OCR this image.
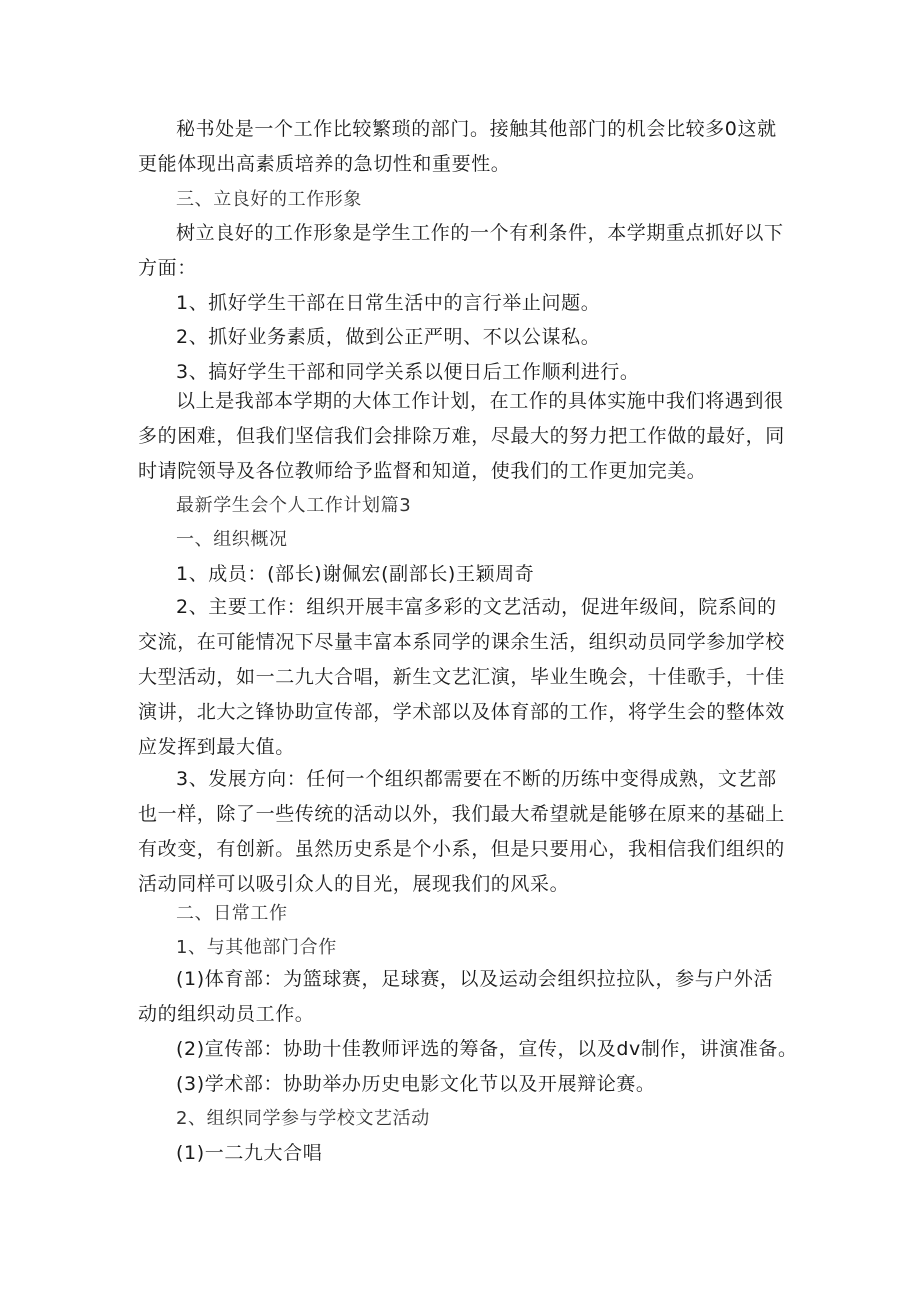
秘书处是一个工作比较繁琐的部门。接触其他部门的机会比较多0这就更能体现出高素质培养的急切性和重要性。

三、立良好的工作形象

树立良好的工作形象是学生工作的一个有利条件，本学期重点抓好以下方面：

1、抓好学生干部在日常生活中的言行举止问题。

2、抓好业务素质，做到公正严明、不以公谋私。

3、搞好学生干部和同学关系以便日后工作顺利进行。

以上是我部本学期的大体工作计划，在工作的具体实施中我们将遇到很多的困难，但我们坚信我们会排除万难，尽最大的努力把工作做的最好，同时请院领导及各位教师给予监督和知道，使我们的工作更加完美。

最新学生会个人工作计划篇3

一、组织概况

1、成员：(部长)谢佩宏(副部长)王颖周奇

2、主要工作：组织开展丰富多彩的文艺活动，促进年级间，院系间的交流，在可能情况下尽量丰富本系同学的课余生活，组织动员同学参加学校大型活动，如一二九大合唱，新生文艺汇演，毕业生晚会，十佳歌手，十佳演讲，北大之锋协助宣传部，学术部以及体育部的工作，将学生会的整体效应发挥到最大值。

3、发展方向：任何一个组织都需要在不断的历练中变得成熟，文艺部也一样，除了一些传统的活动以外，我们最大希望就是能够在原来的基础上有改变，有创新。虽然历史系是个小系，但是只要用心，我相信我们组织的活动同样可以吸引众人的目光，展现我们的风采。

二、日常工作

1、与其他部门合作

(1)体育部：为篮球赛，足球赛，以及运动会组织拉拉队，参与户外活动的组织动员工作。

(2)宣传部：协助十佳教师评选的筹备，宣传，以及dv制作，讲演准备。

(3)学术部：协助举办历史电影文化节以及开展辩论赛。

2、组织同学参与学校文艺活动

(1)一二九大合唱
